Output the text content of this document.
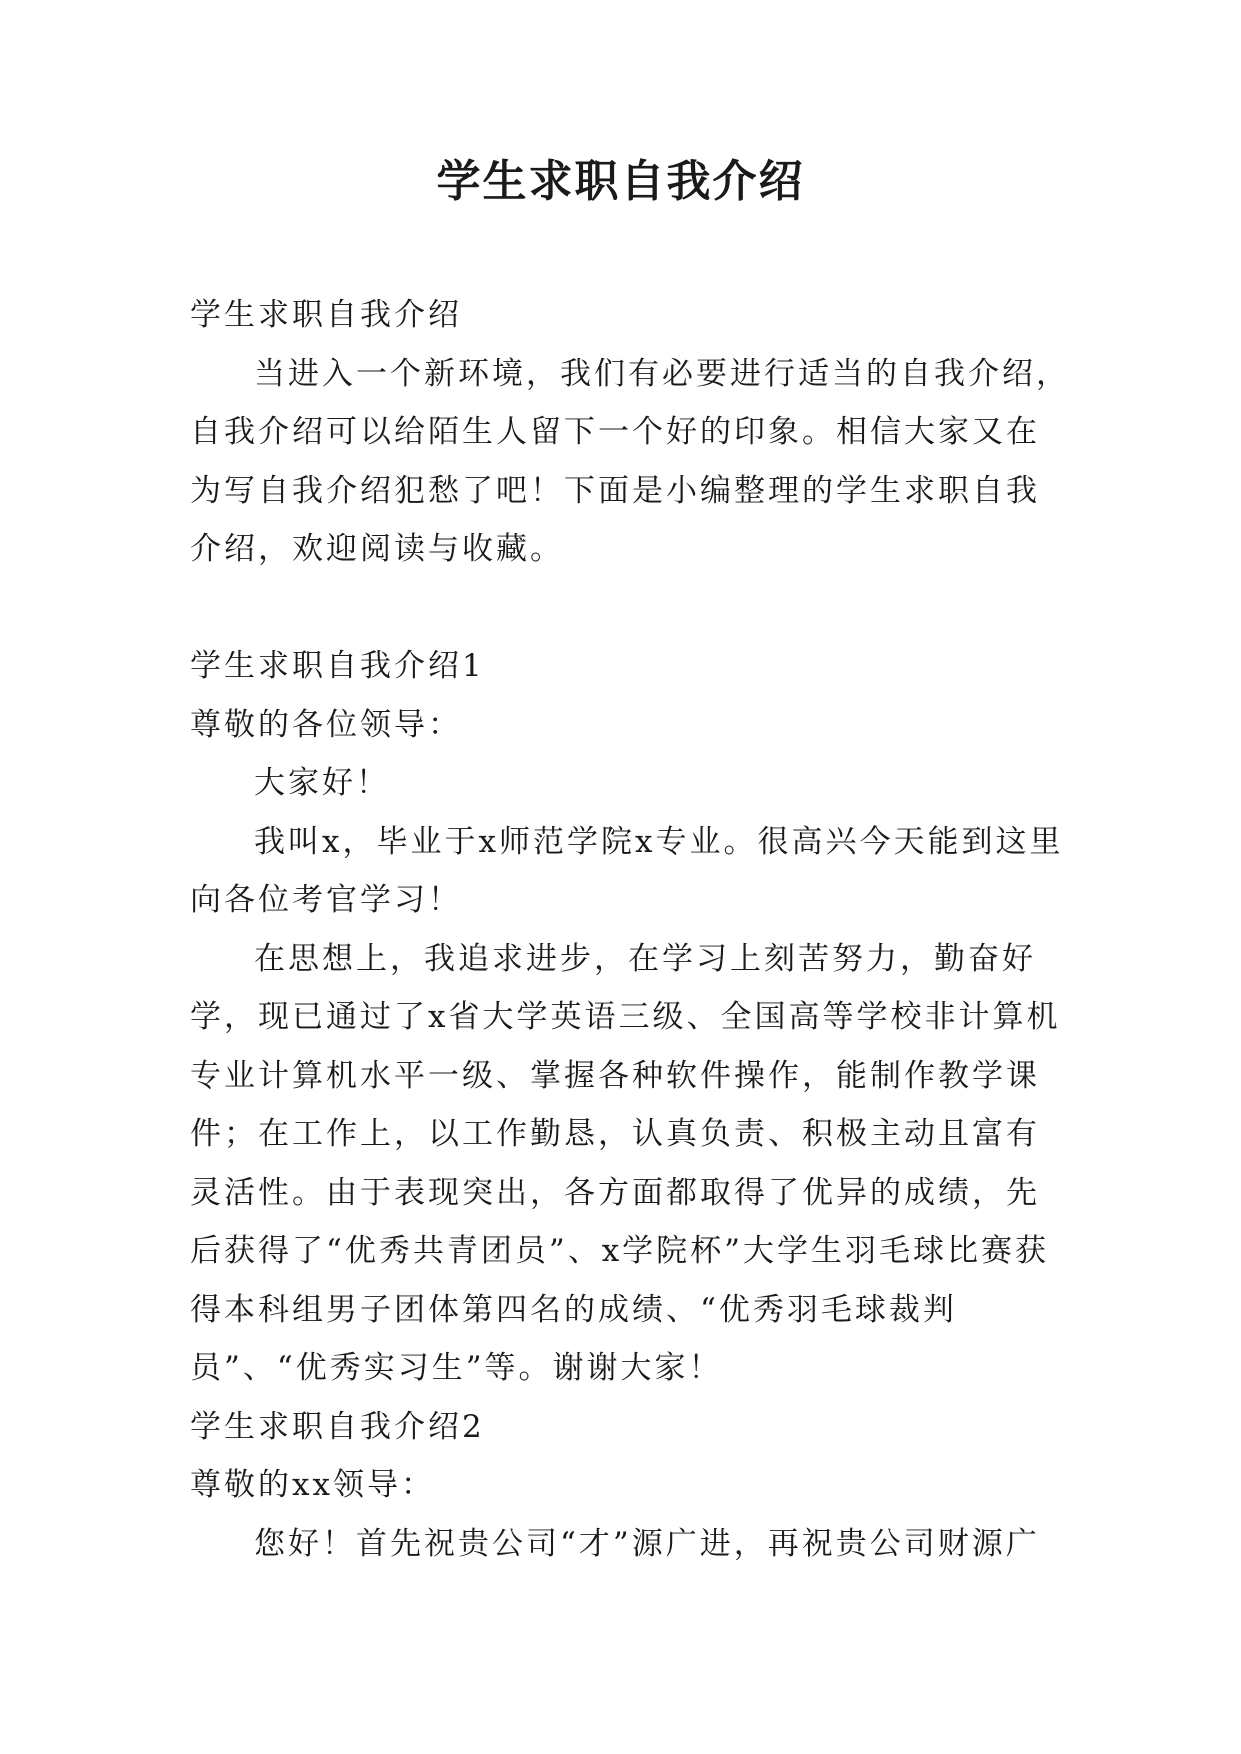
学生求职自我介绍

学生求职自我介绍

当进入一个新环境，我们有必要进行适当的自我介绍，自我介绍可以给陌生人留下一个好的印象。相信大家又在为写自我介绍犯愁了吧！下面是小编整理的学生求职自我介绍，欢迎阅读与收藏。

学生求职自我介绍1

尊敬的各位领导：

大家好！

我叫x，毕业于x师范学院x专业。很高兴今天能到这里向各位考官学习！

在思想上，我追求进步，在学习上刻苦努力，勤奋好学，现已通过了x省大学英语三级、全国高等学校非计算机专业计算机水平一级、掌握各种软件操作，能制作教学课件；在工作上，以工作勤恳，认真负责、积极主动且富有灵活性。由于表现突出，各方面都取得了优异的成绩，先后获得了“优秀共青团员”、x学院杯”大学生羽毛球比赛获得本科组男子团体第四名的成绩、“优秀羽毛球裁判员”、“优秀实习生”等。谢谢大家！

学生求职自我介绍2

尊敬的xx领导：

您好！首先祝贵公司“才”源广进，再祝贵公司财源广
